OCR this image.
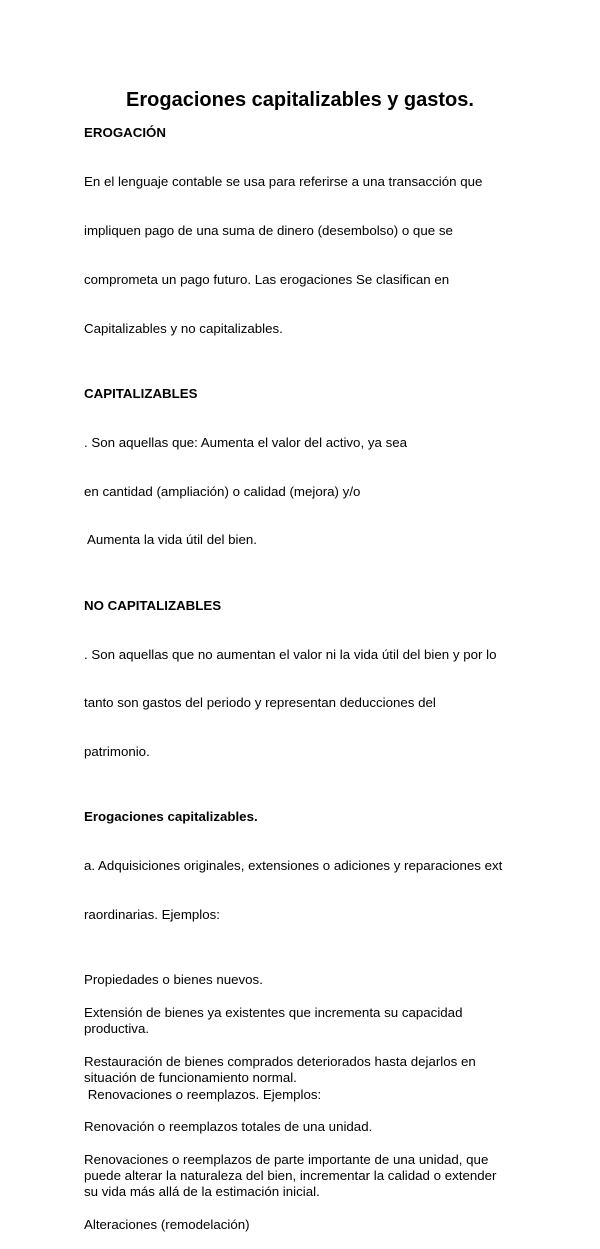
Erogaciones capitalizables y gastos.

EROGACIÓN

En el lenguaje contable se usa para referirse a una transacción que

impliquen pago de una suma de dinero (desembolso) o que se

comprometa un pago futuro. Las erogaciones Se clasifican en

Capitalizables y no capitalizables.

CAPITALIZABLES

. Son aquellas que: Aumenta el valor del activo, ya sea

en cantidad (ampliación) o calidad (mejora) y/o

Aumenta la vida útil del bien.

NO CAPITALIZABLES

. Son aquellas que no aumentan el valor ni la vida útil del bien y por lo

tanto son gastos del periodo y representan deducciones del

patrimonio.

Erogaciones capitalizables.

a. Adquisiciones originales, extensiones o adiciones y reparaciones ext

raordinarias. Ejemplos:

Propiedades o bienes nuevos.
Extensión de bienes ya existentes que incrementa su capacidad
productiva.
Restauración de bienes comprados deteriorados hasta dejarlos en
situación de funcionamiento normal.
Renovaciones o reemplazos. Ejemplos:
Renovación o reemplazos totales de una unidad.
Renovaciones o reemplazos de parte importante de una unidad, que
puede alterar la naturaleza del bien, incrementar la calidad o extender
su vida más allá de la estimación inicial.
Alteraciones (remodelación)
